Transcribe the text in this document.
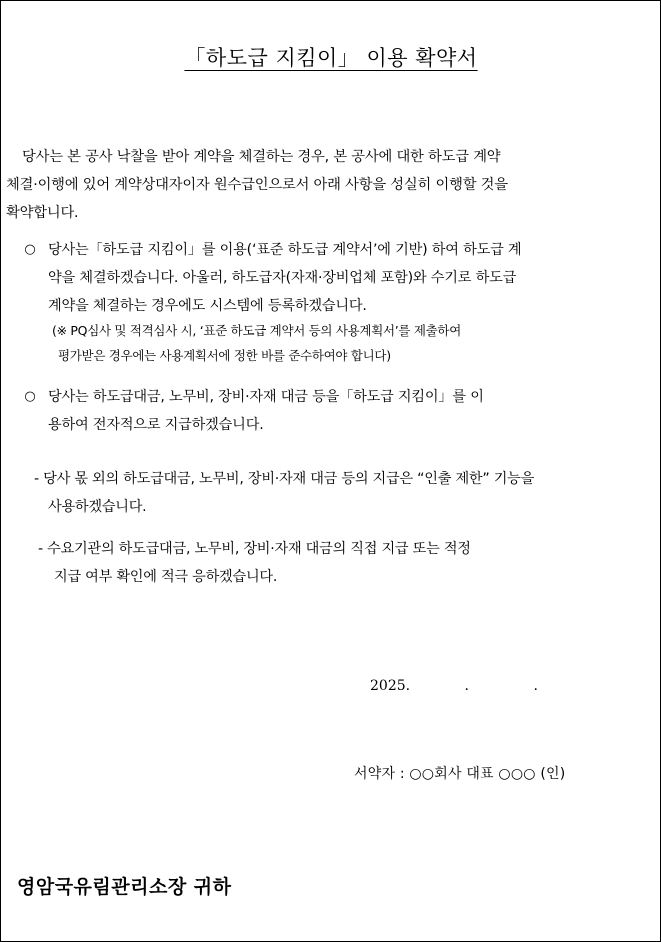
「하도급 지킴이」 이용 확약서
당사는 본 공사 낙찰을 받아 계약을 체결하는 경우, 본 공사에 대한 하도급 계약
체결·이행에 있어 계약상대자이자 원수급인으로서 아래 사항을 성실히 이행할 것을
확약합니다.
○ 당사는「하도급 지킴이」를 이용(‘표준 하도급 계약서’에 기반) 하여 하도급 계
약을 체결하겠습니다. 아울러, 하도급자(자재·장비업체 포함)와 수기로 하도급
계약을 체결하는 경우에도 시스템에 등록하겠습니다.
(※ PQ심사 및 적격심사 시, ‘표준 하도급 계약서 등의 사용계획서’를 제출하여
평가받은 경우에는 사용계획서에 정한 바를 준수하여야 합니다)
○ 당사는 하도급대금, 노무비, 장비·자재 대금 등을「하도급 지킴이」를 이
용하여 전자적으로 지급하겠습니다.
- 당사 몫 외의 하도급대금, 노무비, 장비·자재 대금 등의 지급은 “인출 제한” 기능을
사용하겠습니다.
- 수요기관의 하도급대금, 노무비, 장비·자재 대금의 직접 지급 또는 적정
지급 여부 확인에 적극 응하겠습니다.
2025.	.	.
서약자 : ○○회사 대표 ○○○ (인)
영암국유림관리소장 귀하
